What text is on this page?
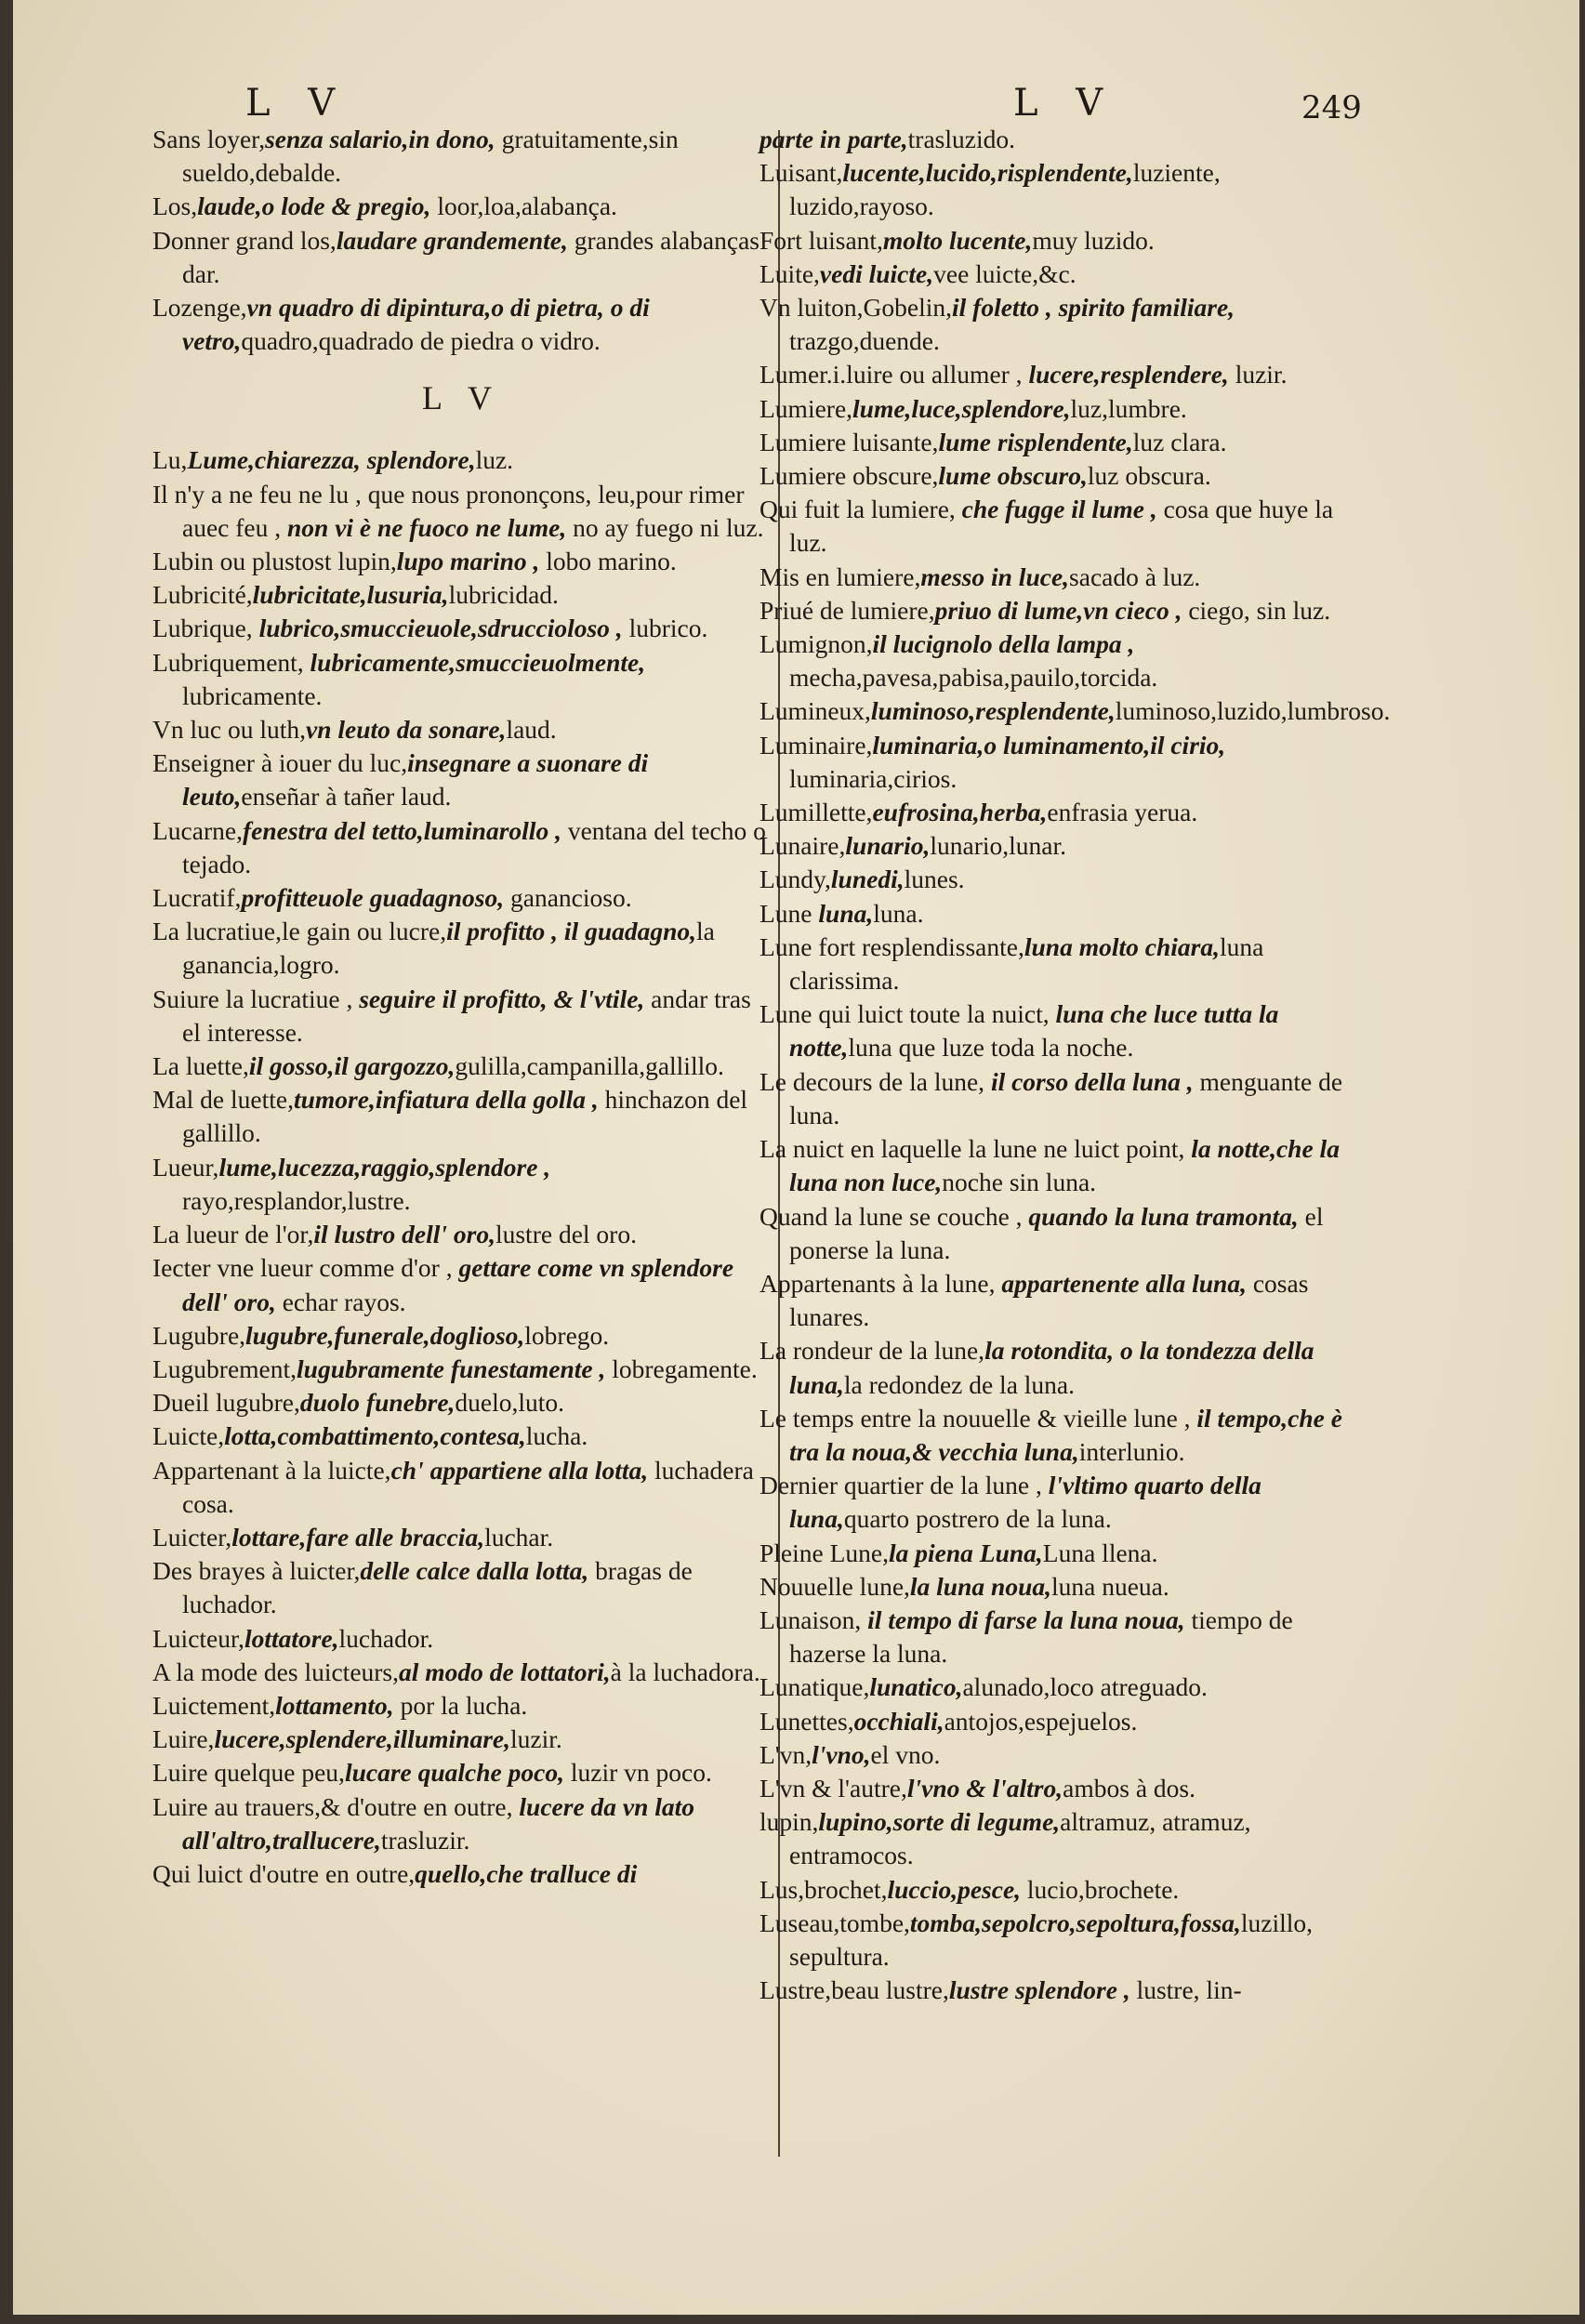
L V	L V	249
Sans loyer,senza salario,in dono, gratuitamente,sin sueldo,debalde.
Los,laude,o lode & pregio, loor,loa,alabança.
Donner grand los,laudare grandemente, grandes alabanças dar.
Lozenge,vn quadro di dipintura,o di pietra, o di vetro,quadro,quadrado de piedra o vidro.
L V
Lu,Lume,chiarezza, splendore,luz.
Il n'y a ne feu ne lu , que nous prononçons, leu,pour rimer auec feu , non vi è ne fuoco ne lume, no ay fuego ni luz.
Lubin ou plustost lupin,lupo marino , lobo marino.
Lubricité,lubricitate,lusuria,lubricidad.
Lubrique, lubrico,smuccieuole,sdruccioloso , lubrico.
Lubriquement, lubricamente,smuccieuolmente, lubricamente.
Vn luc ou luth,vn leuto da sonare,laud.
Enseigner à iouer du luc,insegnare a suonare di leuto,enseñar à tañer laud.
Lucarne,fenestra del tetto,luminarollo , ventana del techo o tejado.
Lucratif,profitteuole guadagnoso, ganancioso.
La lucratiue,le gain ou lucre,il profitto , il guadagno,la ganancia,logro.
Suiure la lucratiue , seguire il profitto, & l'vtile, andar tras el interesse.
La luette,il gosso,il gargozzo,gulilla,campanilla,gallillo.
Mal de luette,tumore,infiatura della golla , hinchazon del gallillo.
Lueur,lume,lucezza,raggio,splendore , rayo,resplandor,lustre.
La lueur de l'or,il lustro dell' oro,lustre del oro.
Iecter vne lueur comme d'or , gettare come vn splendore dell' oro, echar rayos.
Lugubre,lugubre,funerale,doglioso,lobrego.
Lugubrement,lugubramente funestamente , lobregamente.
Dueil lugubre,duolo funebre,duelo,luto.
Luicte,lotta,combattimento,contesa,lucha.
Appartenant à la luicte,ch' appartiene alla lotta, luchadera cosa.
Luicter,lottare,fare alle braccia,luchar.
Des brayes à luicter,delle calce dalla lotta, bragas de luchador.
Luicteur,lottatore,luchador.
A la mode des luicteurs,al modo de lottatori,à la luchadora.
Luictement,lottamento, por la lucha.
Luire,lucere,splendere,illuminare,luzir.
Luire quelque peu,lucare qualche poco, luzir vn poco.
Luire au trauers,& d'outre en outre, lucere da vn lato all'altro,trallucere,trasluzir.
Qui luict d'outre en outre,quello,che trallucе di
parte in parte,trasluzido.
Luisant,lucente,lucido,risplendente,luziente, luzido,rayoso.
Fort luisant,molto lucente,muy luzido.
Luite,vedi luicte,vee luicte,&c.
Vn luiton,Gobelin,il foletto , spirito familiare, trazgo,duende.
Lumer.i.luire ou allumer , lucere,resplendere, luzir.
Lumiere,lume,luce,splendore,luz,lumbre.
Lumiere luisante,lume risplendente,luz clara.
Lumiere obscure,lume obscuro,luz obscura.
Qui fuit la lumiere, che fugge il lume , cosa que huye la luz.
Mis en lumiere,messo in luce,sacado à luz.
Priué de lumiere,priuo di lume,vn cieco , ciego, sin luz.
Lumignon,il lucignolo della lampa , mecha,pavesa,pabisa,pauilo,torcida.
Lumineux,luminoso,resplendente,luminoso,luzido,lumbroso.
Luminaire,luminaria,o luminamento,il cirio, luminaria,cirios.
Lumillette,eufrosina,herba,enfrasia yerua.
Lunaire,lunario,lunario,lunar.
Lundy,lunedi,lunes.
Lune luna,luna.
Lune fort resplendissante,luna molto chiara,luna clarissima.
Lune qui luict toute la nuict, luna che luce tutta la notte,luna que luze toda la noche.
Le decours de la lune, il corso della luna , menguante de luna.
La nuict en laquelle la lune ne luict point, la notte,che la luna non luce,noche sin luna.
Quand la lune se couche , quando la luna tramonta, el ponerse la luna.
Appartenants à la lune, appartenente alla luna, cosas lunares.
La rondeur de la lune,la rotondita, o la tondezza della luna,la redondez de la luna.
Le temps entre la nouuelle & vieille lune , il tempo,che è tra la noua,& vecchia luna,interlunio.
Dernier quartier de la lune , l'vltimo quarto della luna,quarto postrero de la luna.
Pleine Lune,la piena Luna,Luna llena.
Nouuelle lune,la luna noua,luna nueua.
Lunaison, il tempo di farse la luna noua, tiempo de hazerse la luna.
Lunatique,lunatico,alunado,loco atreguado.
Lunettes,occhiali,antojos,espejuelos.
L'vn,l'vno,el vno.
L'vn & l'autre,l'vno & l'altro,ambos à dos.
lupin,lupino,sorte di legume,altramuz, atramuz, entramocos.
Lus,brochet,luccio,pesce, lucio,brochete.
Luseau,tombe,tomba,sepolcro,sepoltura,fossa,luzillo, sepultura.
Lustre,beau lustre,lustre splendore , lustre, lin-
